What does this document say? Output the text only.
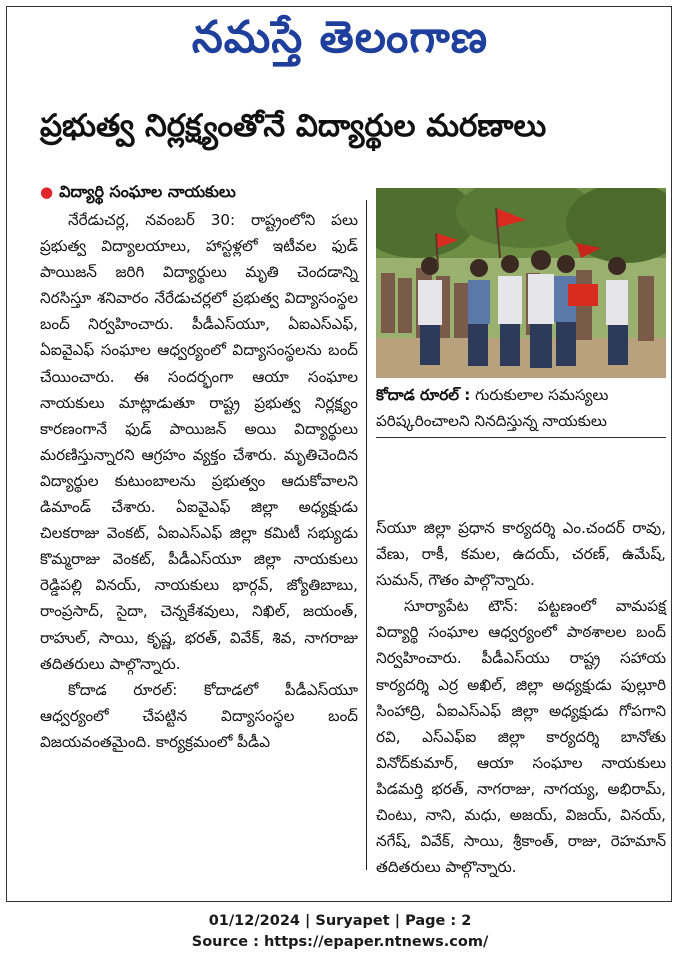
నమస్తే తెలంగాణ
ప్రభుత్వ నిర్లక్ష్యంతోనే విద్యార్థుల మరణాలు
● విద్యార్థి సంఘాల నాయకులు

నేరేడుచర్ల, నవంబర్ 30: రాష్ట్రంలోని పలు ప్రభుత్వ విద్యాలయాలు, హాస్టళ్లలో ఇటీవల ఫుడ్ పాయిజన్ జరిగి విద్యార్థులు మృతి చెందడాన్ని నిరసిస్తూ శనివారం నేరేడుచర్లలో ప్రభుత్వ విద్యాసంస్థల బంద్ నిర్వహించారు. పీడీఎస్‌యూ, ఏఐఎస్ఎఫ్, ఏఐవైఎఫ్ సంఘాల ఆధ్వర్యంలో విద్యాసంస్థలను బంద్ చేయించారు. ఈ సందర్భంగా ఆయా సంఘాల నాయకులు మాట్లాడుతూ రాష్ట్ర ప్రభుత్వ నిర్లక్ష్యం కారణంగానే ఫుడ్ పాయిజన్ అయి విద్యార్థులు మరణిస్తున్నారని ఆగ్రహం వ్యక్తం చేశారు. మృతిచెందిన విద్యార్థుల కుటుంబాలను ప్రభుత్వం ఆదుకోవాలని డిమాండ్ చేశారు. ఏఐవైఎఫ్ జిల్లా అధ్యక్షుడు చిలకరాజు వెంకట్, ఏఐఎస్ఎఫ్ జిల్లా కమిటీ సభ్యుడు కొమ్మరాజు వెంకట్, పీడీఎస్‌యూ జిల్లా నాయకులు రెడ్డిపల్లి వినయ్, నాయకులు భార్గవ్, జ్యోతిబాబు, రాంప్రసాద్, సైదా, చెన్నకేశవులు, నిఖిల్, జయంత్, రాహుల్, సాయి, కృష్ణ, భరత్, వివేక్, శివ, నాగరాజు తదితరులు పాల్గొన్నారు.

కోదాడ రూరల్: కోదాడలో పీడీఎస్‌యూ ఆధ్వర్యంలో చేపట్టిన విద్యాసంస్థల బంద్ విజయవంతమైంది. కార్యక్రమంలో పీడీఎ

కోదాడ రూరల్ : గురుకులాల సమస్యలు పరిష్కరించాలని నినదిస్తున్న నాయకులు

స్‌యూ జిల్లా ప్రధాన కార్యదర్శి ఎం.చందర్ రావు, వేణు, రాకీ, కమల, ఉదయ్, చరణ్, ఉమేష్, సుమన్, గౌతం పాల్గొన్నారు.

సూర్యాపేట టౌన్: పట్టణంలో వామపక్ష విద్యార్థి సంఘాల ఆధ్వర్యంలో పాఠశాలల బంద్ నిర్వహించారు. పీడీఎస్‌యు రాష్ట్ర సహాయ కార్యదర్శి ఎర్ర అఖిల్, జిల్లా అధ్యక్షుడు పుల్లూరి సింహాద్రి, ఏఐఎస్ఎఫ్ జిల్లా అధ్యక్షుడు గోపగాని రవి, ఎస్ఎఫ్ఐ జిల్లా కార్యదర్శి బానోతు వినోద్‌కుమార్, ఆయా సంఘాల నాయకులు పిడమర్తి భరత్, నాగరాజు, నాగయ్య, అభిరామ్, చింటు, నాని, మధు, అజయ్, విజయ్, వినయ్, నగేష్, వివేక్, సాయి, శ్రీకాంత్, రాజు, రెహమాన్ తదితరులు పాల్గొన్నారు.

01/12/2024 | Suryapet | Page : 2
Source : https://epaper.ntnews.com/
